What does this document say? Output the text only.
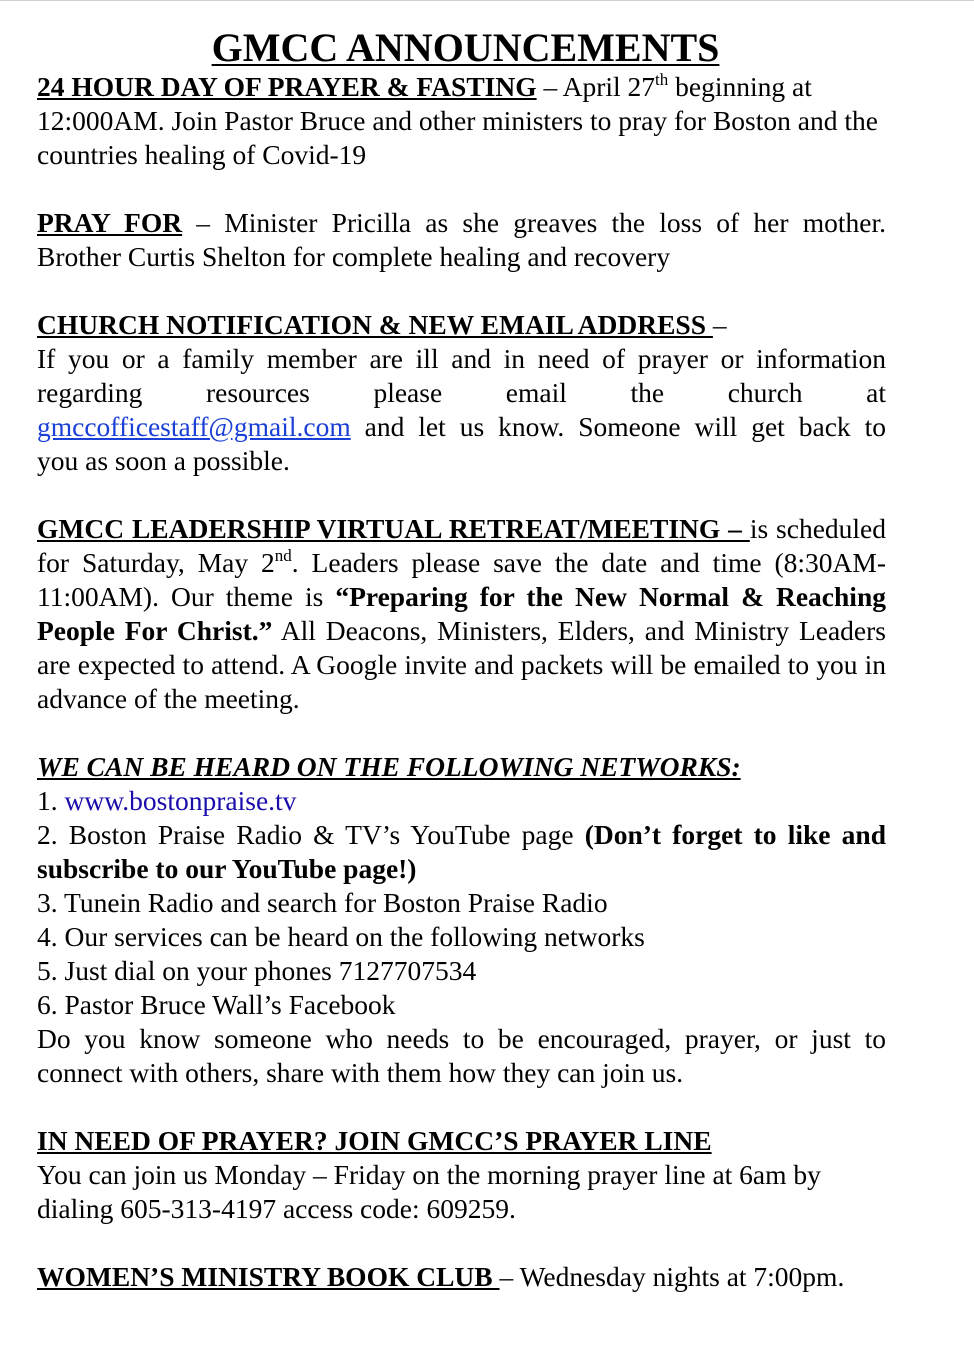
GMCC ANNOUNCEMENTS

24 HOUR DAY OF PRAYER & FASTING – April 27th beginning at 12:000AM. Join Pastor Bruce and other ministers to pray for Boston and the countries healing of Covid-19

PRAY FOR – Minister Pricilla as she greaves the loss of her mother.

Brother Curtis Shelton for complete healing and recovery

CHURCH NOTIFICATION & NEW EMAIL ADDRESS –

If you or a family member are ill and in need of prayer or information

regarding resources please email the church at

gmccofficestaff@gmail.com and let us know. Someone will get back to

you as soon a possible.

GMCC LEADERSHIP VIRTUAL RETREAT/MEETING – is scheduled for Saturday, May 2nd. Leaders please save the date and time (8:30AM-11:00AM). Our theme is “Preparing for the New Normal & Reaching People For Christ.” All Deacons, Ministers, Elders, and Ministry Leaders are expected to attend. A Google invite and packets will be emailed to you in advance of the meeting.

WE CAN BE HEARD ON THE FOLLOWING NETWORKS:

1. www.bostonpraise.tv

2. Boston Praise Radio & TV’s YouTube page (Don’t forget to like and subscribe to our YouTube page!)

3. Tunein Radio and search for Boston Praise Radio

4. Our services can be heard on the following networks

5. Just dial on your phones 7127707534

6. Pastor Bruce Wall’s Facebook

Do you know someone who needs to be encouraged, prayer, or just to connect with others, share with them how they can join us.

IN NEED OF PRAYER? JOIN GMCC’S PRAYER LINE

You can join us Monday – Friday on the morning prayer line at 6am by dialing 605-313-4197 access code: 609259.

WOMEN’S MINISTRY BOOK CLUB – Wednesday nights at 7:00pm.
